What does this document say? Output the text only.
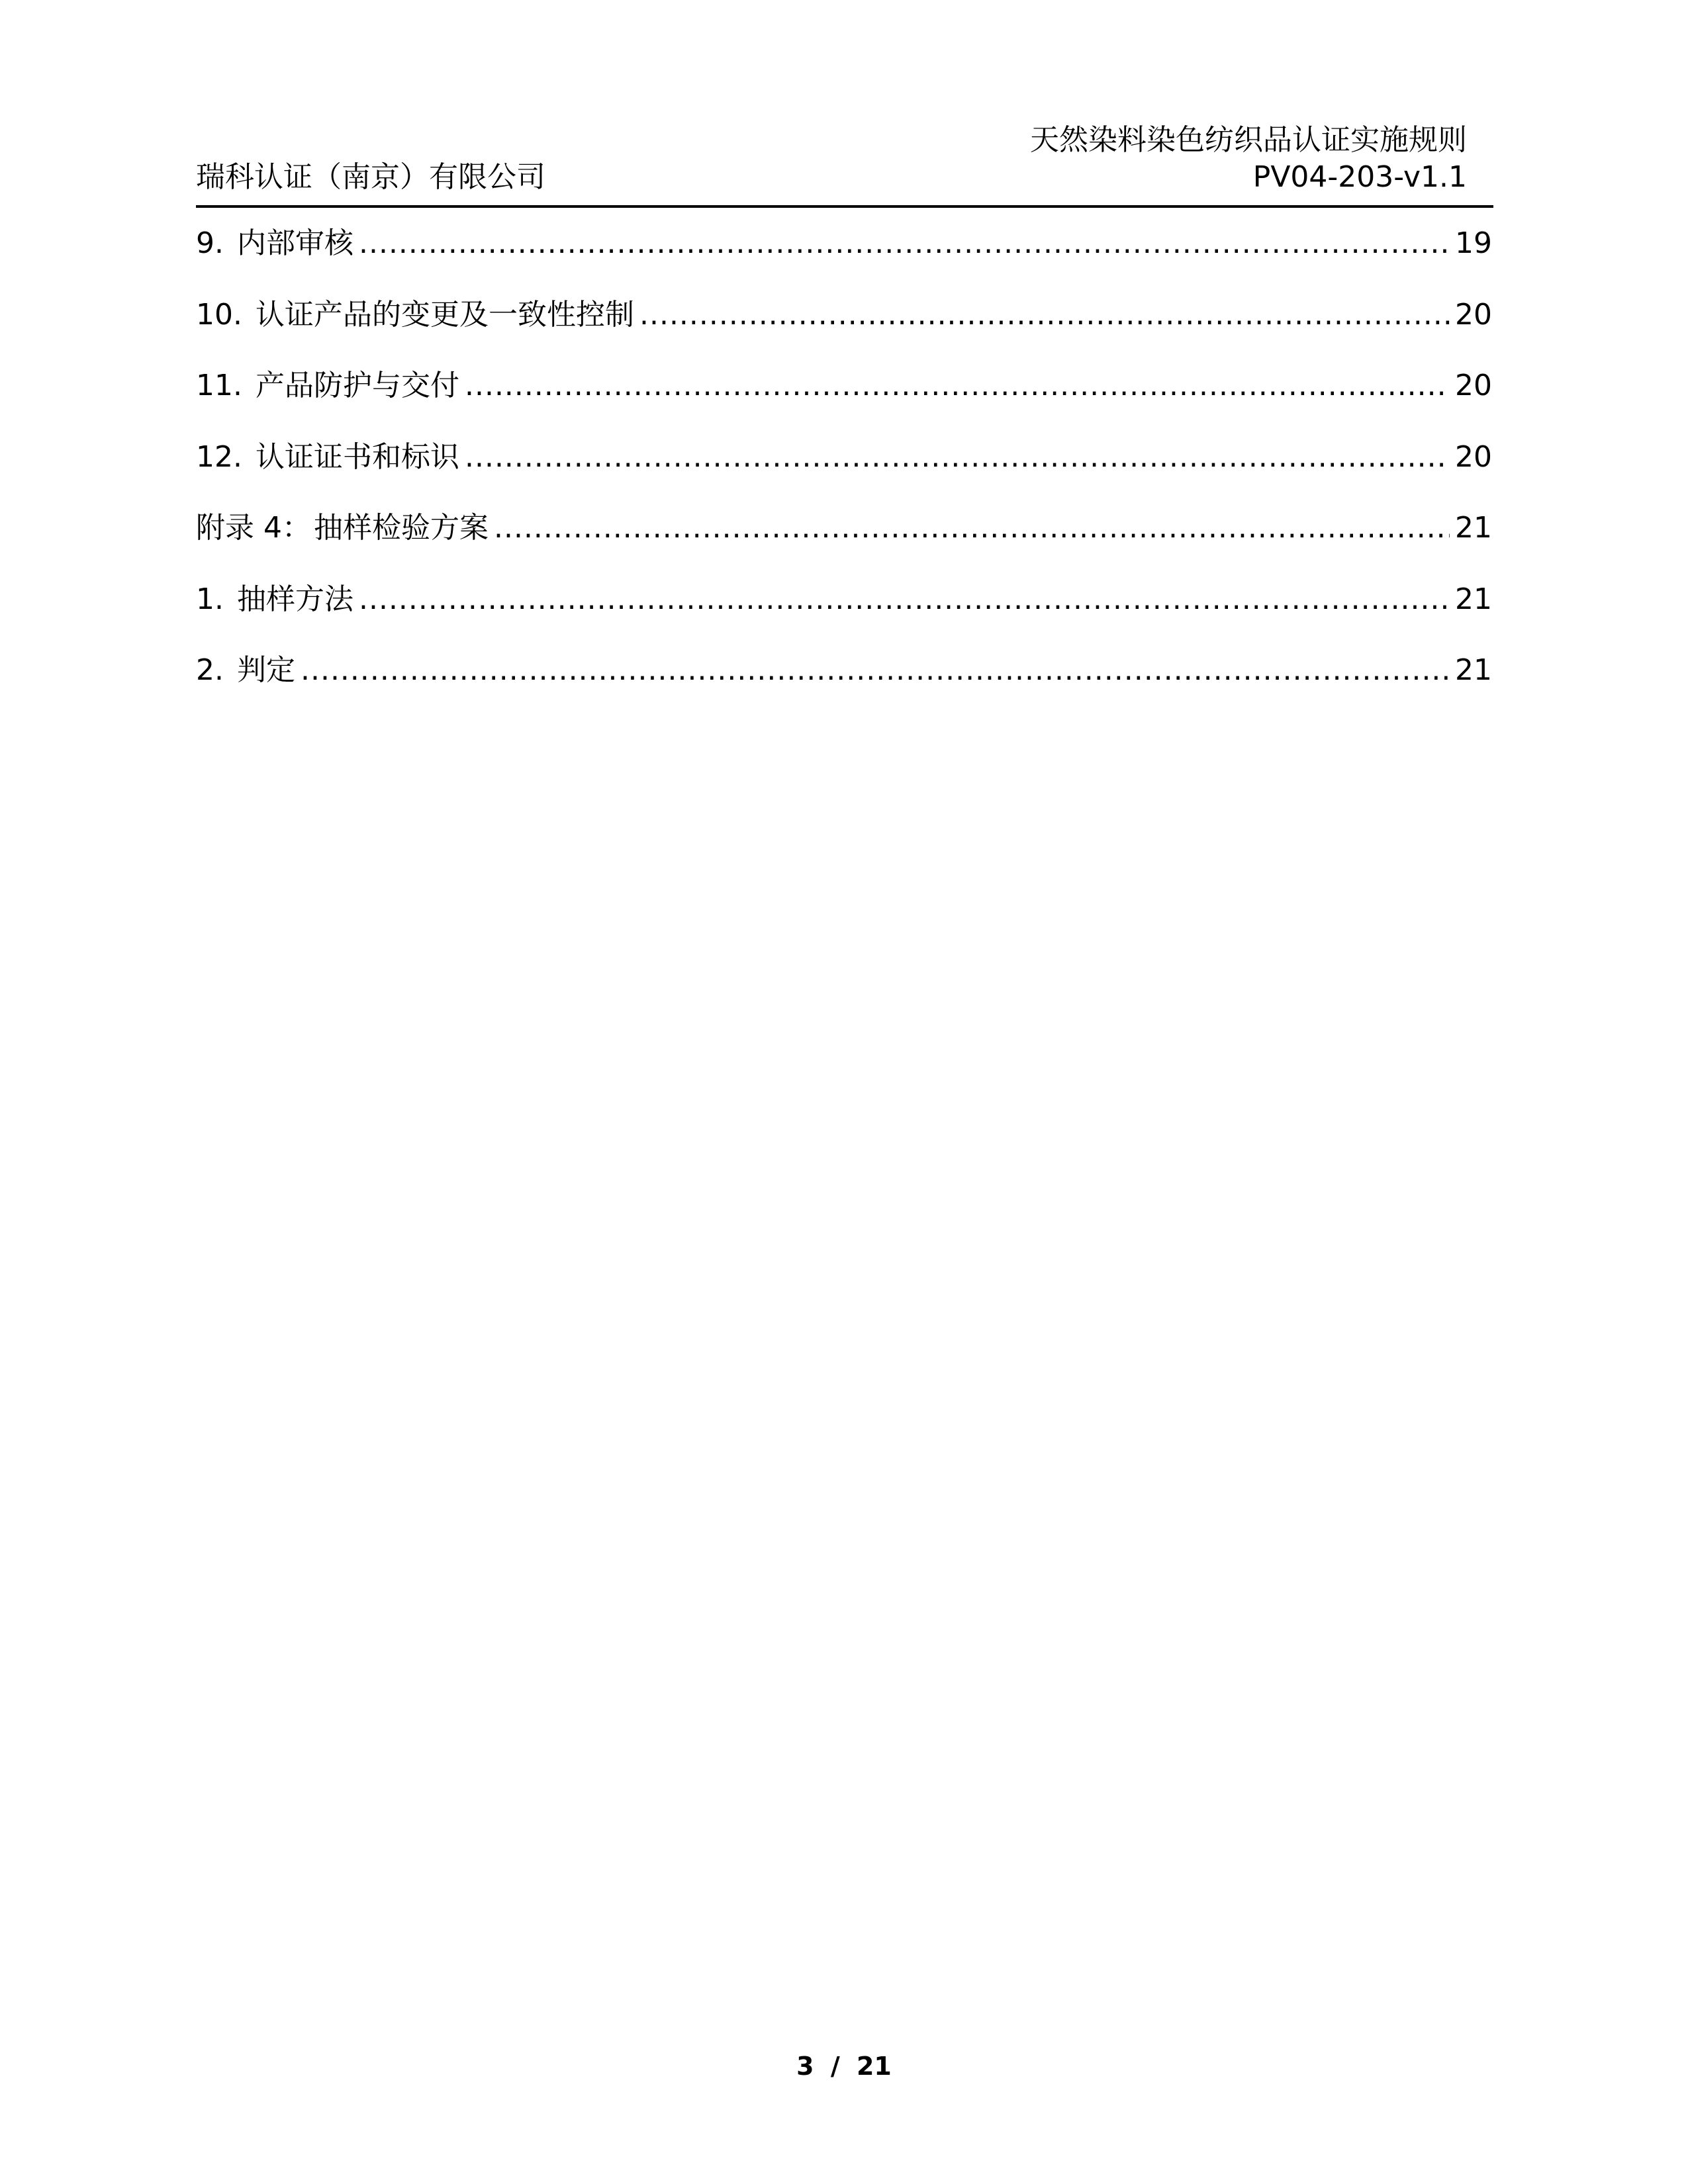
瑞科认证（南京）有限公司
天然染料染色纺织品认证实施规则
PV04-203-v1.1
9. 内部审核 .....	19
10. 认证产品的变更及一致性控制 .....	20
11. 产品防护与交付 .....	20
12. 认证证书和标识 .....	20
附录 4： 抽样检验方案 .....	21
1. 抽样方法 .....	21
2. 判定 .....	21
3 / 21
